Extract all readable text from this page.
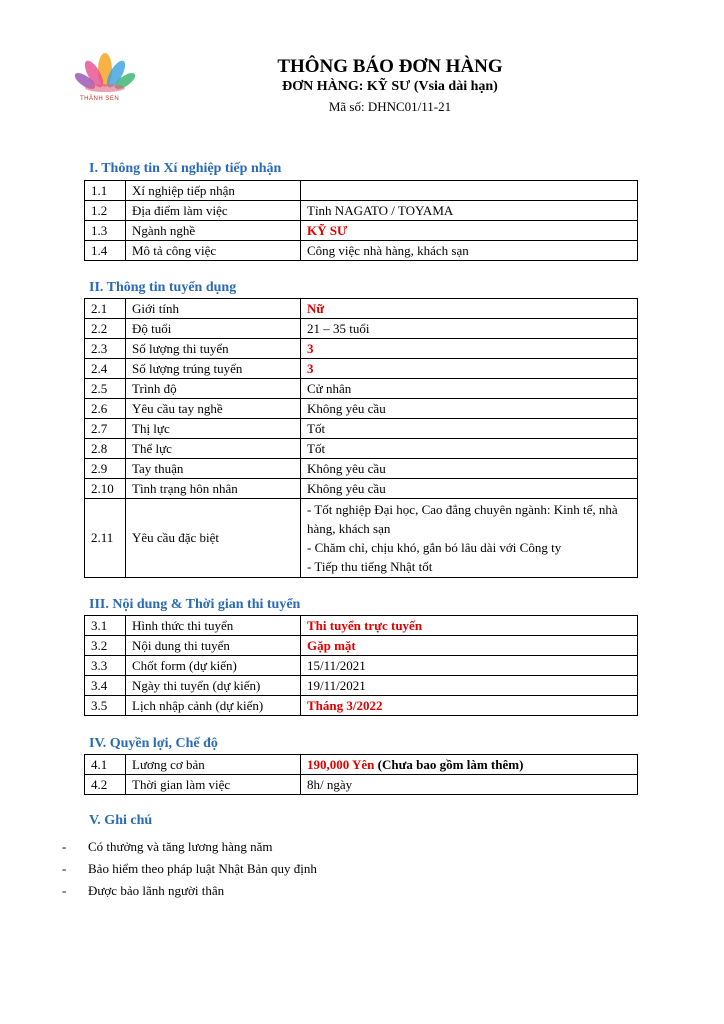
THÀNH SEN
THÔNG BÁO ĐƠN HÀNG
ĐƠN HÀNG: KỸ SƯ (Vsia dài hạn)
Mã số: DHNC01/11-21
I. Thông tin Xí nghiệp tiếp nhận
1.1	Xí nghiệp tiếp nhận	
1.2	Địa điểm làm việc	Tỉnh NAGATO / TOYAMA
1.3	Ngành nghề	KỸ SƯ
1.4	Mô tả công việc	Công việc nhà hàng, khách sạn
II. Thông tin tuyển dụng
2.1	Giới tính	Nữ
2.2	Độ tuổi	21 – 35 tuổi
2.3	Số lượng thi tuyển	3
2.4	Số lượng trúng tuyển	3
2.5	Trình độ	Cử nhân
2.6	Yêu cầu tay nghề	Không yêu cầu
2.7	Thị lực	Tốt
2.8	Thể lực	Tốt
2.9	Tay thuận	Không yêu cầu
2.10	Tình trạng hôn nhân	Không yêu cầu
2.11	Yêu cầu đặc biệt	- Tốt nghiệp Đại học, Cao đẳng chuyên ngành: Kinh tế, nhà hàng, khách sạn
- Chăm chỉ, chịu khó, gắn bó lâu dài với Công ty
- Tiếp thu tiếng Nhật tốt
III. Nội dung & Thời gian thi tuyển
3.1	Hình thức thi tuyển	Thi tuyển trực tuyến
3.2	Nội dung thi tuyển	Gặp mặt
3.3	Chốt form (dự kiến)	15/11/2021
3.4	Ngày thi tuyển (dự kiến)	19/11/2021
3.5	Lịch nhập cảnh (dự kiến)	Tháng 3/2022
IV. Quyền lợi, Chế độ
4.1	Lương cơ bản	190,000 Yên (Chưa bao gồm làm thêm)
4.2	Thời gian làm việc	8h/ ngày
V. Ghi chú
- Có thưởng và tăng lương hàng năm
- Bảo hiểm theo pháp luật Nhật Bản quy định
- Được bảo lãnh người thân
